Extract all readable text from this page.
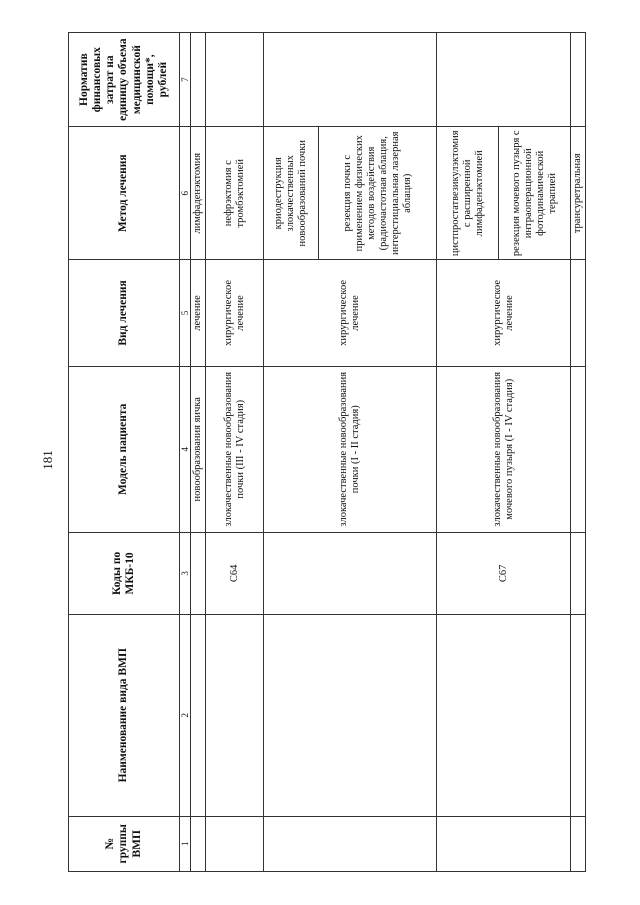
181
№ группы ВМП	Наименование вида ВМП	Коды по МКБ-10	Модель пациента	Вид лечения	Метод лечения	Норматив финансовых затрат на единицу объема медицинской помощи*, рублей
1	2	3	4	5	6	7
			новообразования яичка	лечение	лимфаденэктомия	
		C64	злокачественные новообразования почки (III - IV стадия)	хирургическое лечение	нефрэктомия с тромбэктомией	
			злокачественные новообразования почки (I - II стадия)	хирургическое лечение	криодеструкция злокачественных новообразований почки	
					резекция почки с применением физических методов воздействия (радиочастотная аблация, интерстициальная лазерная аблация)	
		C67	злокачественные новообразования мочевого пузыря (I - IV стадия)	хирургическое лечение	цистпростатвезикулэктомия с расширенной лимфаденэктомией	
					резекция мочевого пузыря с интраоперационной фотодинамической терапией	
					трансуретральная	
